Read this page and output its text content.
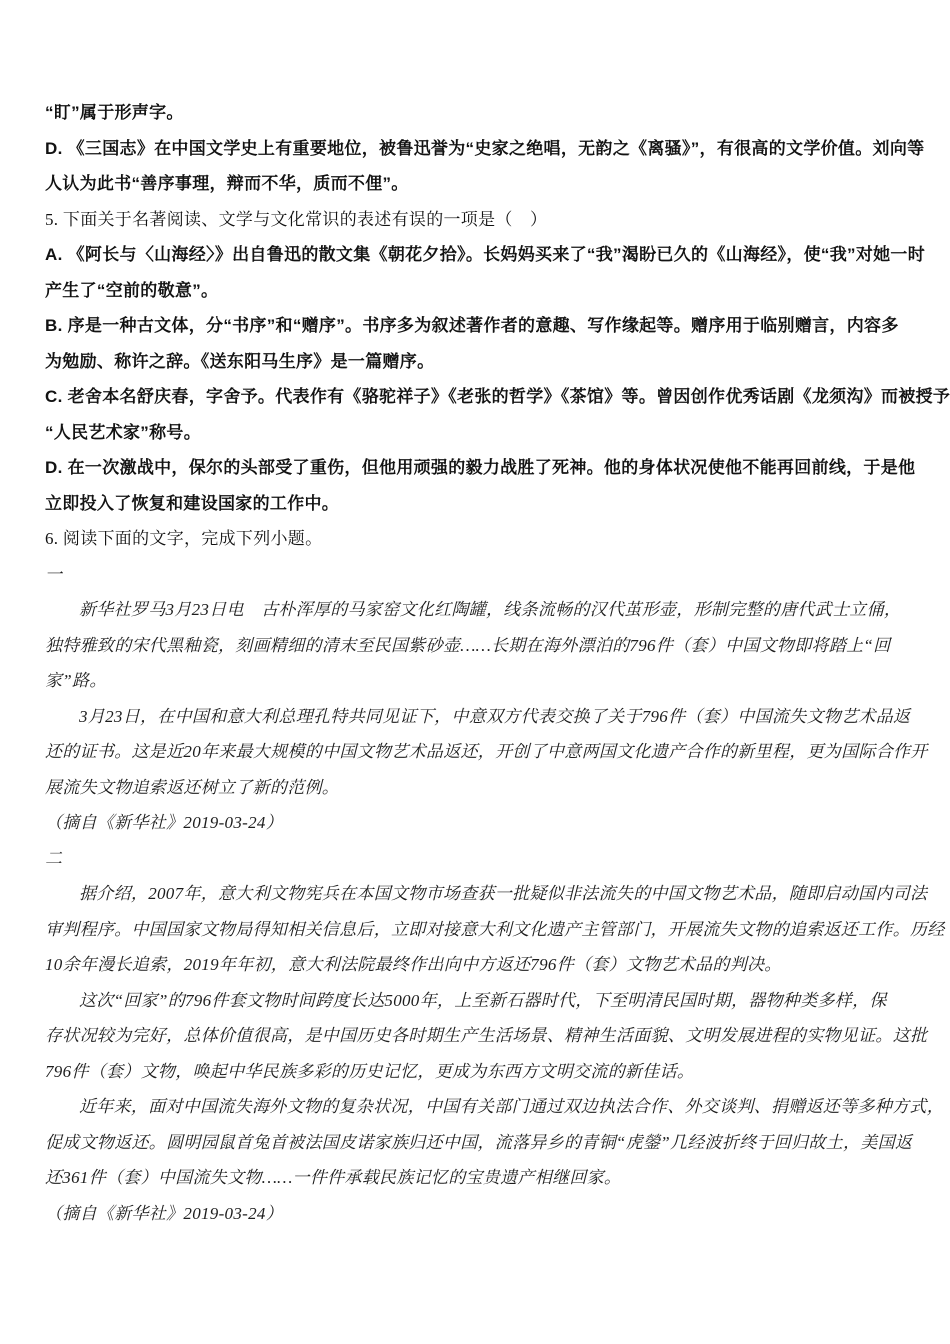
“盯”属于形声字。
D. 《三国志》在中国文学史上有重要地位，被鲁迅誉为“史家之绝唱，无韵之《离骚》”，有很高的文学价值。刘向等
人认为此书“善序事理，辩而不华，质而不俚”。
5. 下面关于名著阅读、文学与文化常识的表述有误的一项是（　）
A. 《阿长与〈山海经〉》出自鲁迅的散文集《朝花夕拾》。长妈妈买来了“我”渴盼已久的《山海经》，使“我”对她一时
产生了“空前的敬意”。
B. 序是一种古文体，分“书序”和“赠序”。书序多为叙述著作者的意趣、写作缘起等。赠序用于临别赠言，内容多
为勉励、称许之辞。《送东阳马生序》是一篇赠序。
C. 老舍本名舒庆春，字舍予。代表作有《骆驼祥子》《老张的哲学》《茶馆》等。曾因创作优秀话剧《龙须沟》而被授予
“人民艺术家”称号。
D. 在一次激战中，保尔的头部受了重伤，但他用顽强的毅力战胜了死神。他的身体状况使他不能再回前线，于是他
立即投入了恢复和建设国家的工作中。
6. 阅读下面的文字，完成下列小题。
一
新华社罗马3月23日电　古朴浑厚的马家窑文化红陶罐，线条流畅的汉代茧形壶，形制完整的唐代武士立俑，
独特雅致的宋代黑釉瓷，刻画精细的清末至民国紫砂壶……长期在海外漂泊的796件（套）中国文物即将踏上“回
家”路。
3月23日，在中国和意大利总理孔特共同见证下，中意双方代表交换了关于796件（套）中国流失文物艺术品返
还的证书。这是近20年来最大规模的中国文物艺术品返还，开创了中意两国文化遗产合作的新里程，更为国际合作开
展流失文物追索返还树立了新的范例。
（摘自《新华社》2019-03-24）
二
据介绍，2007年，意大利文物宪兵在本国文物市场查获一批疑似非法流失的中国文物艺术品，随即启动国内司法
审判程序。中国国家文物局得知相关信息后，立即对接意大利文化遗产主管部门，开展流失文物的追索返还工作。历经
10余年漫长追索，2019年年初，意大利法院最终作出向中方返还796件（套）文物艺术品的判决。
这次“回家”的796件套文物时间跨度长达5000年，上至新石器时代，下至明清民国时期，器物种类多样，保
存状况较为完好，总体价值很高，是中国历史各时期生产生活场景、精神生活面貌、文明发展进程的实物见证。这批
796件（套）文物，唤起中华民族多彩的历史记忆，更成为东西方文明交流的新佳话。
近年来，面对中国流失海外文物的复杂状况，中国有关部门通过双边执法合作、外交谈判、捐赠返还等多种方式，
促成文物返还。圆明园鼠首兔首被法国皮诺家族归还中国，流落异乡的青铜“虎鎣”几经波折终于回归故土，美国返
还361件（套）中国流失文物……一件件承载民族记忆的宝贵遗产相继回家。
（摘自《新华社》2019-03-24）
